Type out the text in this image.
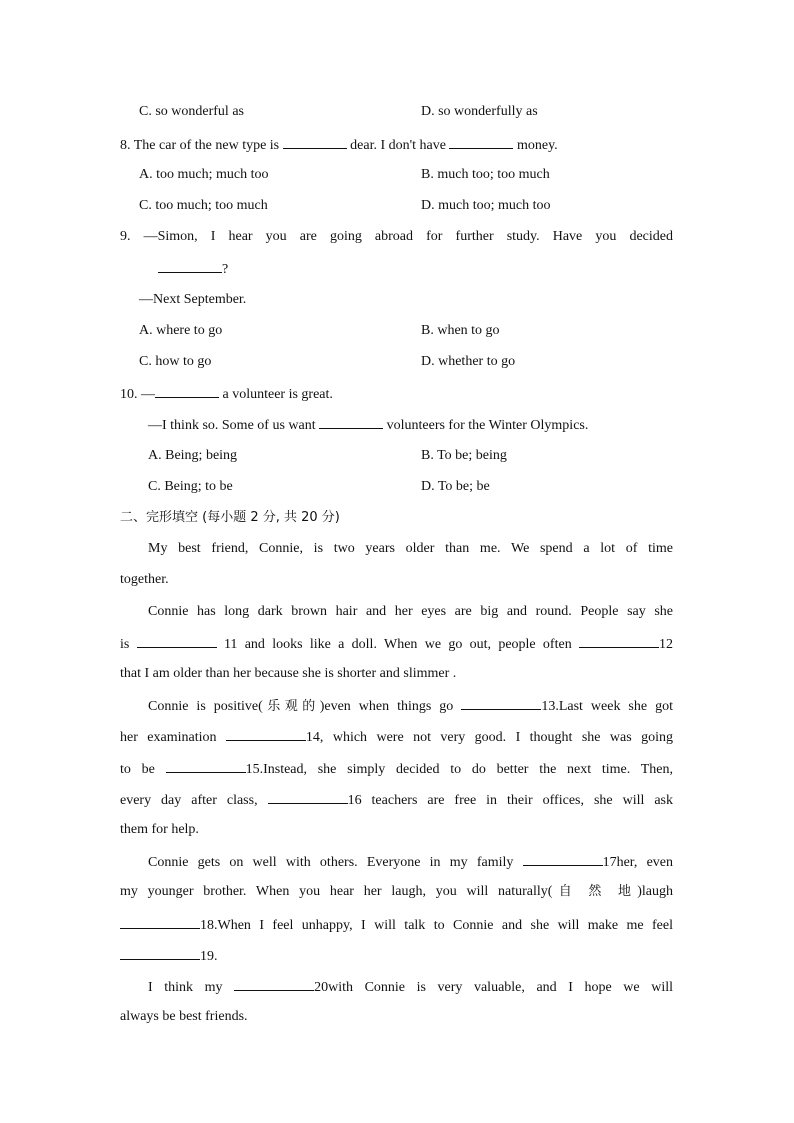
C. so wonderful as	D. so wonderfully as
8. The car of the new type is	dear. I don't have	money.
A. too much; much too	B. much too; too much
C. too much; too much	D. much too; much too
9. —Simon, I hear you are going abroad for further study. Have you decided
?
—Next September.
A. where to go	B. when to go
C. how to go	D. whether to go
10. —	a volunteer is great.
—I think so. Some of us want	volunteers for the Winter Olympics.
A. Being; being	B. To be; being
C. Being; to be	D. To be; be
二、完形填空 (每小题 2 分, 共 20 分)
My best friend, Connie, is two years older than me. We spend a lot of time
together.
Connie has long dark brown hair and her eyes are big and round. People say she
is	11 and looks like a doll. When we go out, people often	12
that I am older than her because she is shorter and slimmer .
Connie is positive(乐观的)even when things go	13.Last week she got
her examination	14, which were not very good. I thought she was going
to be	15.Instead, she simply decided to do better the next time. Then,
every day after class,	16 teachers are free in their offices, she will ask
them for help.
Connie gets on well with others. Everyone in my family	17her, even
my younger brother. When you hear her laugh, you will naturally(自 然 地)laugh
18.When I feel unhappy, I will talk to Connie and she will make me feel
19.
I think my	20with Connie is very valuable, and I hope we will
always be best friends.
